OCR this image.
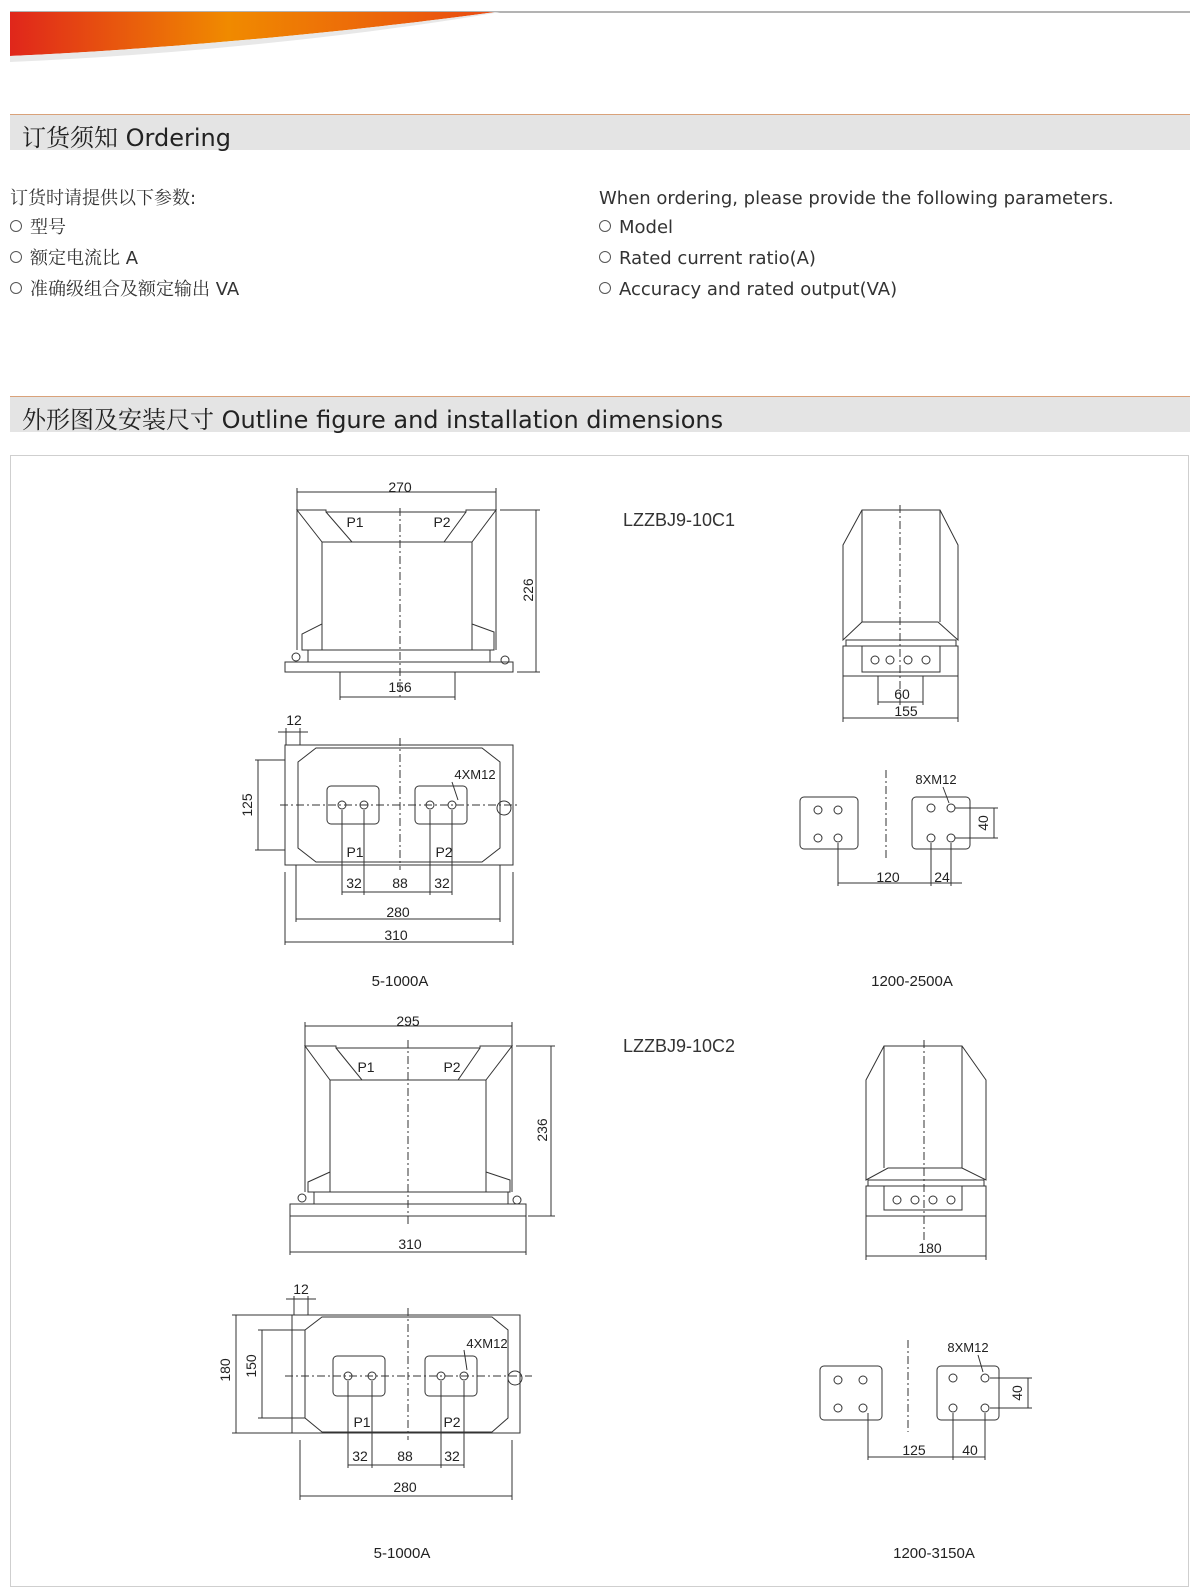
订货须知 Ordering
订货时请提供以下参数:
型号
额定电流比 A
准确级组合及额定输出 VA
When ordering, please provide the following parameters.
Model
Rated current ratio(A)
Accuracy and rated output(VA)
外形图及安装尺寸 Outline figure and installation dimensions
270
P1	P2
226
156
12
125
4XM12
P1	P2
32 88 32
280
310
5-1000A
LZZBJ9-10C1
60
155
8XM12
120 24
40
1200-2500A
295
P1	P2
236
310
LZZBJ9-10C2
12
180 150
4XM12
P1	P2
32 88 32
280
5-1000A
180
8XM12
125	40
40
1200-3150A
